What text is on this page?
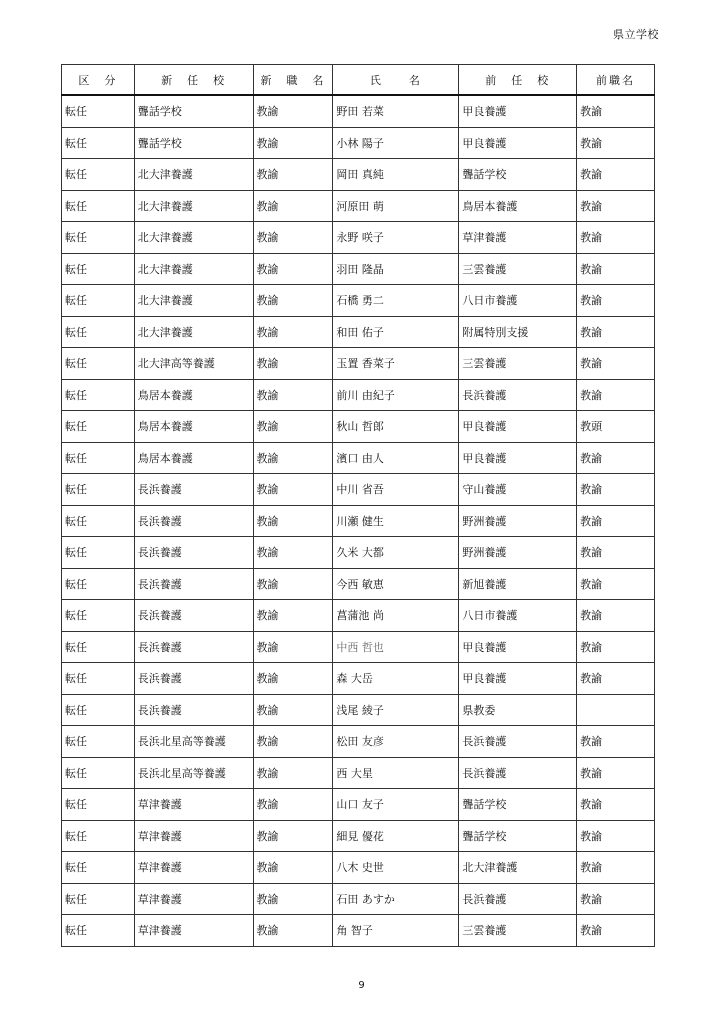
県立学校
区　分	新　任　校	新　職　名	氏　　名	前　任　校	前職名
転任	聾話学校	教諭	野田 若菜	甲良養護	教諭
転任	聾話学校	教諭	小林 陽子	甲良養護	教諭
転任	北大津養護	教諭	岡田 真純	聾話学校	教諭
転任	北大津養護	教諭	河原田 萌	鳥居本養護	教諭
転任	北大津養護	教諭	永野 咲子	草津養護	教諭
転任	北大津養護	教諭	羽田 隆晶	三雲養護	教諭
転任	北大津養護	教諭	石橋 勇二	八日市養護	教諭
転任	北大津養護	教諭	和田 佑子	附属特別支援	教諭
転任	北大津高等養護	教諭	玉置 香菜子	三雲養護	教諭
転任	鳥居本養護	教諭	前川 由紀子	長浜養護	教諭
転任	鳥居本養護	教諭	秋山 哲郎	甲良養護	教頭
転任	鳥居本養護	教諭	濱口 由人	甲良養護	教諭
転任	長浜養護	教諭	中川 省吾	守山養護	教諭
転任	長浜養護	教諭	川瀬 健生	野洲養護	教諭
転任	長浜養護	教諭	久米 大都	野洲養護	教諭
転任	長浜養護	教諭	今西 敏恵	新旭養護	教諭
転任	長浜養護	教諭	菖蒲池 尚	八日市養護	教諭
転任	長浜養護	教諭	中西 哲也	甲良養護	教諭
転任	長浜養護	教諭	森 大岳	甲良養護	教諭
転任	長浜養護	教諭	浅尾 綾子	県教委	
転任	長浜北星高等養護	教諭	松田 友彦	長浜養護	教諭
転任	長浜北星高等養護	教諭	西 大星	長浜養護	教諭
転任	草津養護	教諭	山口 友子	聾話学校	教諭
転任	草津養護	教諭	細見 優花	聾話学校	教諭
転任	草津養護	教諭	八木 史世	北大津養護	教諭
転任	草津養護	教諭	石田 あすか	長浜養護	教諭
転任	草津養護	教諭	角 智子	三雲養護	教諭
9
